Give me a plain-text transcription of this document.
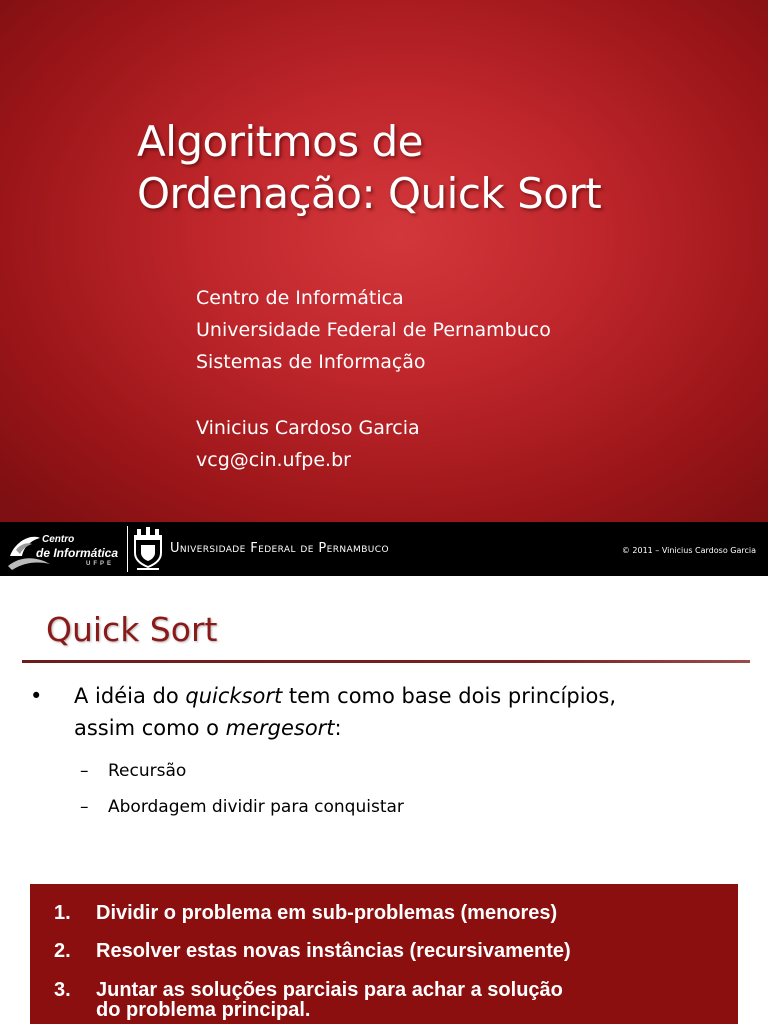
Algoritmos de
Ordenação: Quick Sort
Centro de Informática
Universidade Federal de Pernambuco
Sistemas de Informação
Vinicius Cardoso Garcia
vcg@cin.ufpe.br
Centro
de Informática
UFPE
Universidade Federal de Pernambuco	© 2011 – Vinicius Cardoso Garcia
Quick Sort
• A idéia do quicksort tem como base dois princípios,
assim como o mergesort:
– Recursão
– Abordagem dividir para conquistar
1. Dividir o problema em sub-problemas (menores)
2. Resolver estas novas instâncias (recursivamente)
3. Juntar as soluções parciais para achar a solução
do problema principal.
